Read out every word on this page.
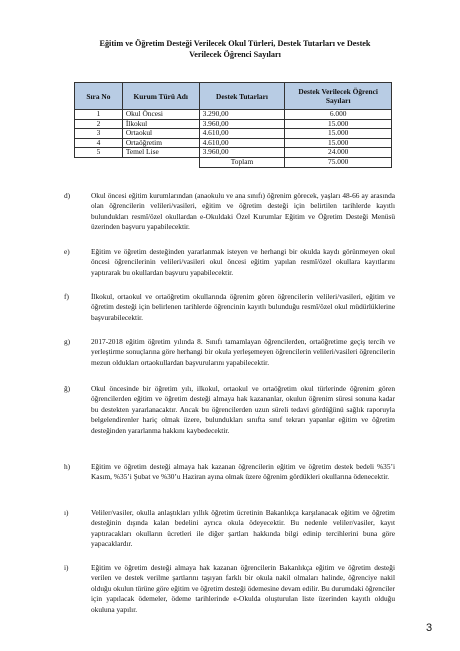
Eğitim ve Öğretim Desteği Verilecek Okul Türleri, Destek Tutarları ve Destek
Verilecek Öğrenci Sayıları
Sıra No	Kurum Türü Adı	Destek Tutarları	Destek Verilecek Öğrenci Sayıları
1	Okul Öncesi	3.290,00	6.000
2	İlkokul	3.960,00	15.000
3	Ortaokul	4.610,00	15.000
4	Ortaöğretim	4.610,00	15.000
5	Temel Lise	3.960,00	24.000
		Toplam	75.000
d)	Okul öncesi eğitim kurumlarından (anaokulu ve ana sınıfı) öğrenim görecek, yaşları 48-66 ay arasında olan öğrencilerin velileri/vasileri, eğitim ve öğretim desteği için belirtilen tarihlerde kayıtlı bulundukları resmî/özel okullardan e-Okuldaki Özel Kurumlar Eğitim ve Öğretim Desteği Menüsü üzerinden başvuru yapabilecektir.
e)	Eğitim ve öğretim desteğinden yararlanmak isteyen ve herhangi bir okulda kaydı görünmeyen okul öncesi öğrencilerinin velileri/vasileri okul öncesi eğitim yapılan resmî/özel okullara kayıtlarını yaptırarak bu okullardan başvuru yapabilecektir.
f)	İlkokul, ortaokul ve ortaöğretim okullarında öğrenim gören öğrencilerin velileri/vasileri, eğitim ve öğretim desteği için belirlenen tarihlerde öğrencinin kayıtlı bulunduğu resmî/özel okul müdürlüklerine başvurabilecektir.
g)	2017-2018 eğitim öğretim yılında 8. Sınıfı tamamlayan öğrencilerden, ortaöğretime geçiş tercih ve yerleştirme sonuçlarına göre herhangi bir okula yerleşemeyen öğrencilerin velileri/vasileri öğrencilerin mezun oldukları ortaokullardan başvurularını yapabilecektir.
ğ)	Okul öncesinde bir öğretim yılı, ilkokul, ortaokul ve ortaöğretim okul türlerinde öğrenim gören öğrencilerden eğitim ve öğretim desteği almaya hak kazananlar, okulun öğrenim süresi sonuna kadar bu destekten yararlanacaktır. Ancak bu öğrencilerden uzun süreli tedavi gördüğünü sağlık raporuyla belgelendirenler hariç olmak üzere, bulundukları sınıfta sınıf tekrarı yapanlar eğitim ve öğretim desteğinden yararlanma hakkını kaybedecektir.
h)	Eğitim ve öğretim desteği almaya hak kazanan öğrencilerin eğitim ve öğretim destek bedeli %35’i Kasım, %35’i Şubat ve %30’u Haziran ayına olmak üzere öğrenim gördükleri okullarına ödenecektir.
ı)	Veliler/vasiler, okulla anlaştıkları yıllık öğretim ücretinin Bakanlıkça karşılanacak eğitim ve öğretim desteğinin dışında kalan bedelini ayrıca okula ödeyecektir. Bu nedenle veliler/vasiler, kayıt yaptıracakları okulların ücretleri ile diğer şartları hakkında bilgi edinip tercihlerini buna göre yapacaklardır.
i)	Eğitim ve öğretim desteği almaya hak kazanan öğrencilerin Bakanlıkça eğitim ve öğretim desteği verilen ve destek verilme şartlarını taşıyan farklı bir okula nakil olmaları halinde, öğrenciye nakil olduğu okulun türüne göre eğitim ve öğretim desteği ödemesine devam edilir. Bu durumdaki öğrenciler için yapılacak ödemeler, ödeme tarihlerinde e-Okulda oluşturulan liste üzerinden kayıtlı olduğu okuluna yapılır.
3
